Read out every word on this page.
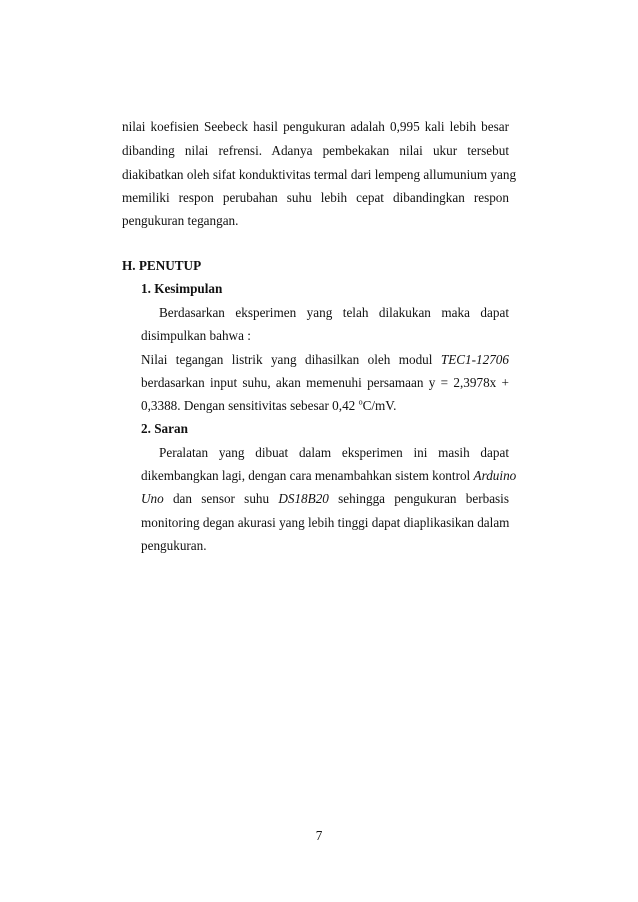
nilai koefisien Seebeck hasil pengukuran adalah 0,995 kali lebih besar
dibanding nilai refrensi. Adanya pembekakan nilai ukur tersebut
diakibatkan oleh sifat konduktivitas termal dari lempeng allumunium yang
memiliki respon perubahan suhu lebih cepat dibandingkan respon
pengukuran tegangan.
H. PENUTUP
1. Kesimpulan
Berdasarkan eksperimen yang telah dilakukan maka dapat
disimpulkan bahwa :
Nilai tegangan listrik yang dihasilkan oleh modul TEC1-12706
berdasarkan input suhu, akan memenuhi persamaan y = 2,3978x +
0,3388. Dengan sensitivitas sebesar 0,42 $^o$C/mV.
2. Saran
Peralatan yang dibuat dalam eksperimen ini masih dapat
dikembangkan lagi, dengan cara menambahkan sistem kontrol Arduino
Uno dan sensor suhu DS18B20 sehingga pengukuran berbasis
monitoring degan akurasi yang lebih tinggi dapat diaplikasikan dalam
pengukuran.
7
